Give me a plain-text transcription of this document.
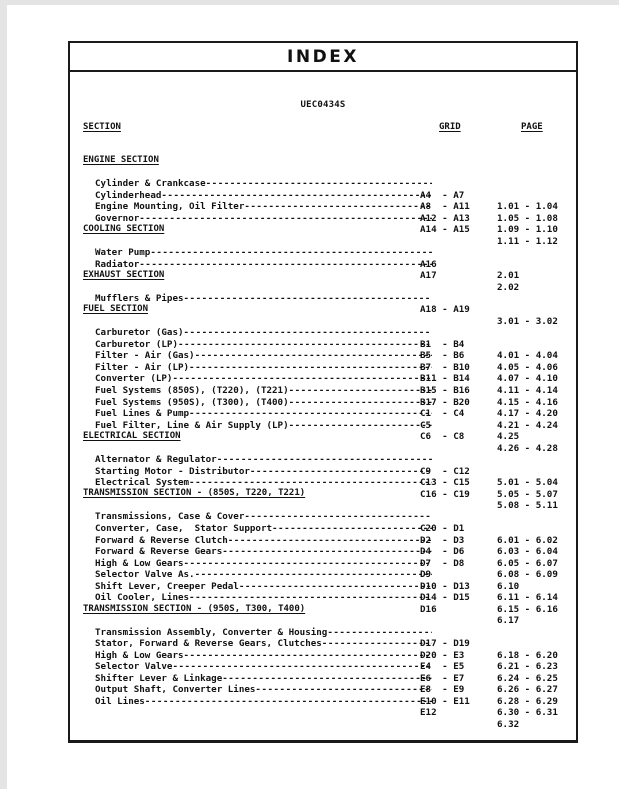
INDEX
UEC0434S
SECTION	GRID	PAGE
ENGINE SECTION

Cylinder & Crankcase -----

A4  - A7

1.01 - 1.04

Cylinderhead -----

A8  - A11

1.05 - 1.08

Engine Mounting, Oil Filter -----

A12 - A13

1.09 - 1.10

Governor -----

A14 - A15

1.11 - 1.12

COOLING SECTION

Water Pump -----

A16

2.01

Radiator -----

A17

2.02

EXHAUST SECTION

Mufflers & Pipes -----

A18 - A19

3.01 - 3.02

FUEL SECTION

Carburetor (Gas) -----

B1  - B4

4.01 - 4.04

Carburetor (LP) -----

B5  - B6

4.05 - 4.06

Filter - Air (Gas) -----

B7  - B10

4.07 - 4.10

Filter - Air (LP) -----

B11 - B14

4.11 - 4.14

Converter (LP) -----

B15 - B16

4.15 - 4.16

Fuel Systems (850S), (T220), (T221) -----

B17 - B20

4.17 - 4.20

Fuel Systems (950S), (T300), (T400) -----

C1  - C4

4.21 - 4.24

Fuel Lines & Pump -----

C5

4.25

Fuel Filter, Line & Air Supply (LP) -----

C6  - C8

4.26 - 4.28

ELECTRICAL SECTION

Alternator & Regulator -----

C9  - C12

5.01 - 5.04

Starting Motor - Distributor -----

C13 - C15

5.05 - 5.07

Electrical System -----

C16 - C19

5.08 - 5.11

TRANSMISSION SECTION - (850S, T220, T221)

Transmissions, Case & Cover -----

C20 - D1

6.01 - 6.02

Converter, Case,  Stator Support -----

D2  - D3

6.03 - 6.04

Forward & Reverse Clutch -----

D4  - D6

6.05 - 6.07

Forward & Reverse Gears -----

D7  - D8

6.08 - 6.09

High & Low Gears -----

D9

6.10

Selector Valve As. -----

D10 - D13

6.11 - 6.14

Shift Lever, Creeper Pedal -----

D14 - D15

6.15 - 6.16

Oil Cooler, Lines -----

D16

6.17

TRANSMISSION SECTION - (950S, T300, T400)

Transmission Assembly, Converter & Housing -----

D17 - D19

6.18 - 6.20

Stator, Forward & Reverse Gears, Clutches -----

D20 - E3

6.21 - 6.23

High & Low Gears -----

E4  - E5

6.24 - 6.25

Selector Valve -----

E6  - E7

6.26 - 6.27

Shifter Lever & Linkage -----

E8  - E9

6.28 - 6.29

Output Shaft, Converter Lines -----

E10 - E11

6.30 - 6.31

Oil Lines -----

E12

6.32
